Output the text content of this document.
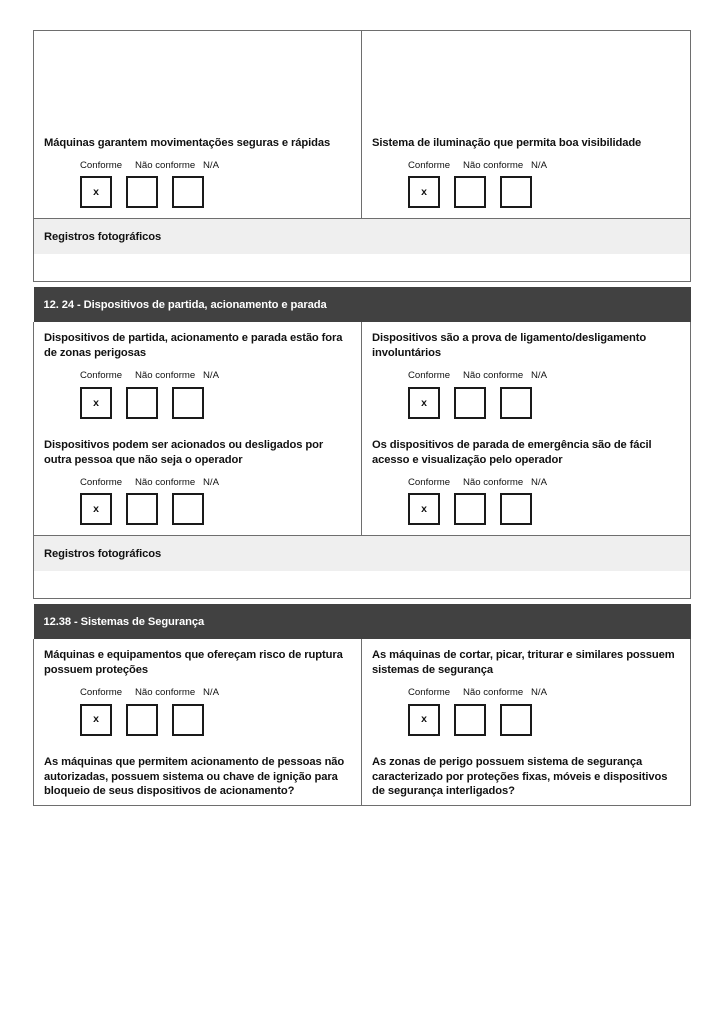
Máquinas garantem movimentações seguras e rápidas

Conforme	Não conforme N/A
x

Sistema de iluminação que permita boa visibilidade

Conforme	Não conforme N/A
x

Registros fotográficos	

12. 24 - Dispositivos de partida, acionamento e parada	

Dispositivos de partida, acionamento e parada estão fora de zonas perigosas

Conforme	Não conforme N/A
x

Dispositivos são a prova de ligamento/desligamento involuntários

Conforme	Não conforme N/A
x

Dispositivos podem ser acionados ou desligados por outra pessoa que não seja o operador

Conforme	Não conforme N/A
x

Os dispositivos de parada de emergência são de fácil acesso e visualização pelo operador

Conforme	Não conforme N/A
x

Registros fotográficos	

12.38 - Sistemas de Segurança	

Máquinas e equipamentos que ofereçam risco de ruptura possuem proteções

Conforme	Não conforme N/A
x

As máquinas de cortar, picar, triturar e similares possuem sistemas de segurança

Conforme	Não conforme N/A
x

As máquinas que permitem acionamento de pessoas não autorizadas, possuem sistema ou chave de ignição para bloqueio de seus dispositivos de acionamento?	As zonas de perigo possuem sistema de segurança caracterizado por proteções fixas, móveis e dispositivos de segurança interligados?
